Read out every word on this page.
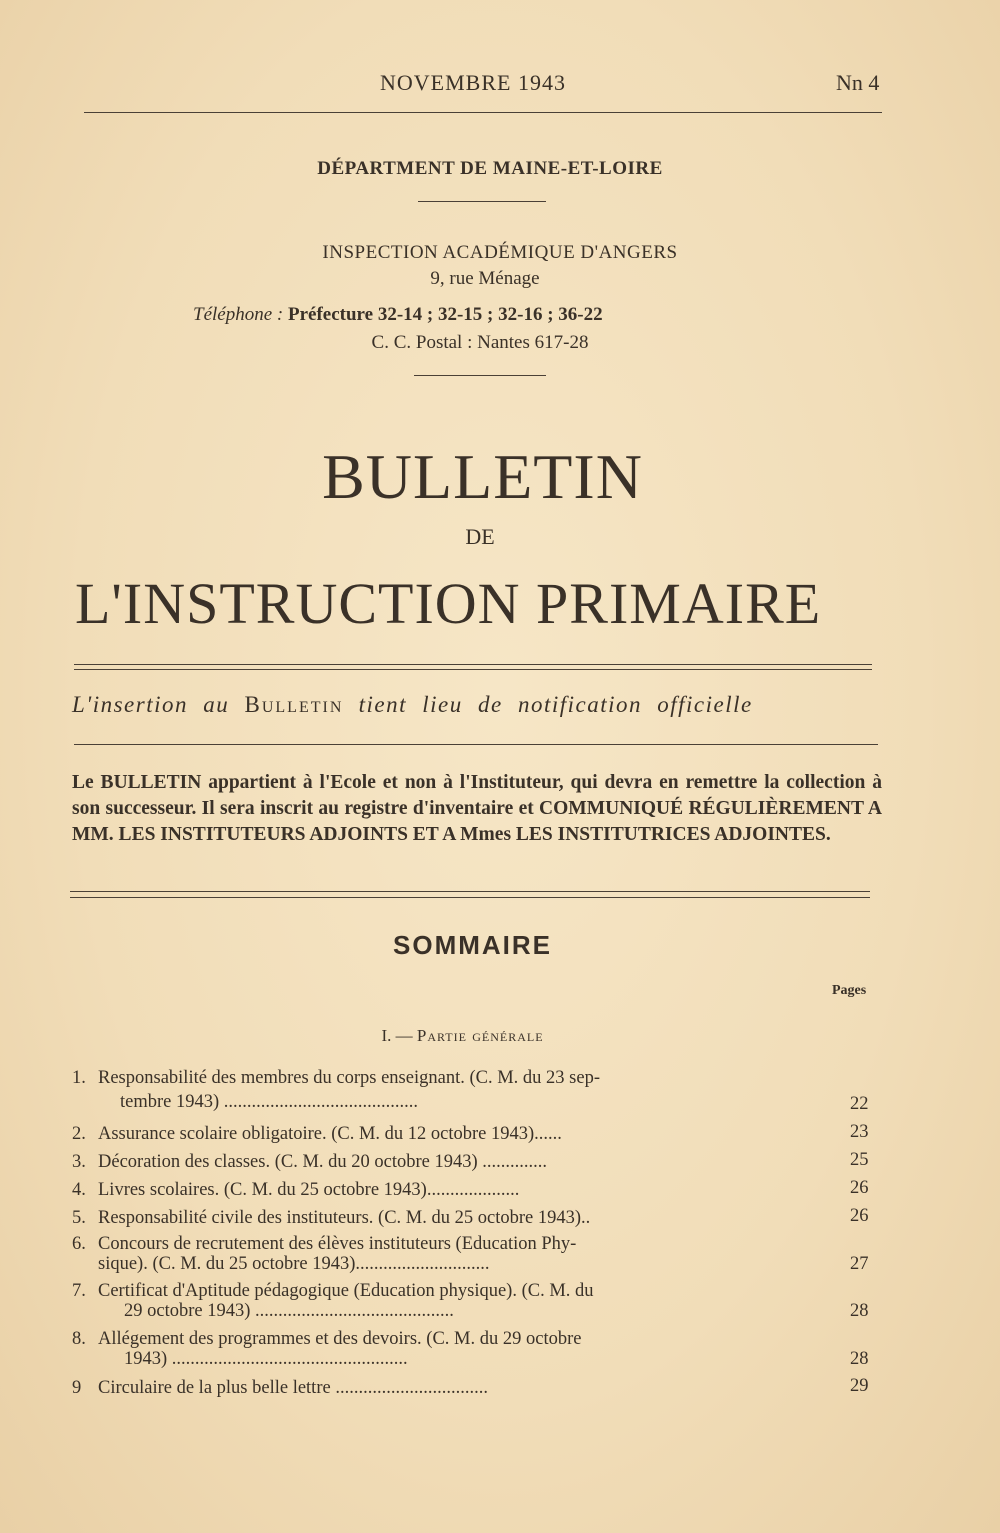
NOVEMBRE 1943	Nn 4
DÉPARTMENT DE MAINE-ET-LOIRE
INSPECTION ACADÉMIQUE D'ANGERS
9, rue Ménage
Téléphone : Préfecture 32-14 ; 32-15 ; 32-16 ; 36-22
C. C. Postal : Nantes 617-28
BULLETIN
DE
L'INSTRUCTION PRIMAIRE
L'insertion au Bulletin tient lieu de notification officielle
Le BULLETIN appartient à l'Ecole et non à l'Instituteur, qui devra en remettre la collection à son successeur. Il sera inscrit au registre d'inventaire et COMMUNIQUÉ RÉGULIÈREMENT A MM. LES INSTITUTEURS ADJOINTS ET A Mmes LES INSTITUTRICES ADJOINTES.
SOMMAIRE
Pages
I. — Partie générale
1. Responsabilité des membres du corps enseignant. (C. M. du 23 sep-
tembre 1943) ..........................................	22
2. Assurance scolaire obligatoire. (C. M. du 12 octobre 1943)......	23
3. Décoration des classes. (C. M. du 20 octobre 1943) ..............	25
4. Livres scolaires. (C. M. du 25 octobre 1943)....................	26
5. Responsabilité civile des instituteurs. (C. M. du 25 octobre 1943)..	26
6. Concours de recrutement des élèves instituteurs (Education Phy-
sique). (C. M. du 25 octobre 1943).............................	27
7. Certificat d'Aptitude pédagogique (Education physique). (C. M. du
29 octobre 1943) ...........................................	28
8. Allégement des programmes et des devoirs. (C. M. du 29 octobre
1943) ...................................................	28
9 Circulaire de la plus belle lettre .................................	29
